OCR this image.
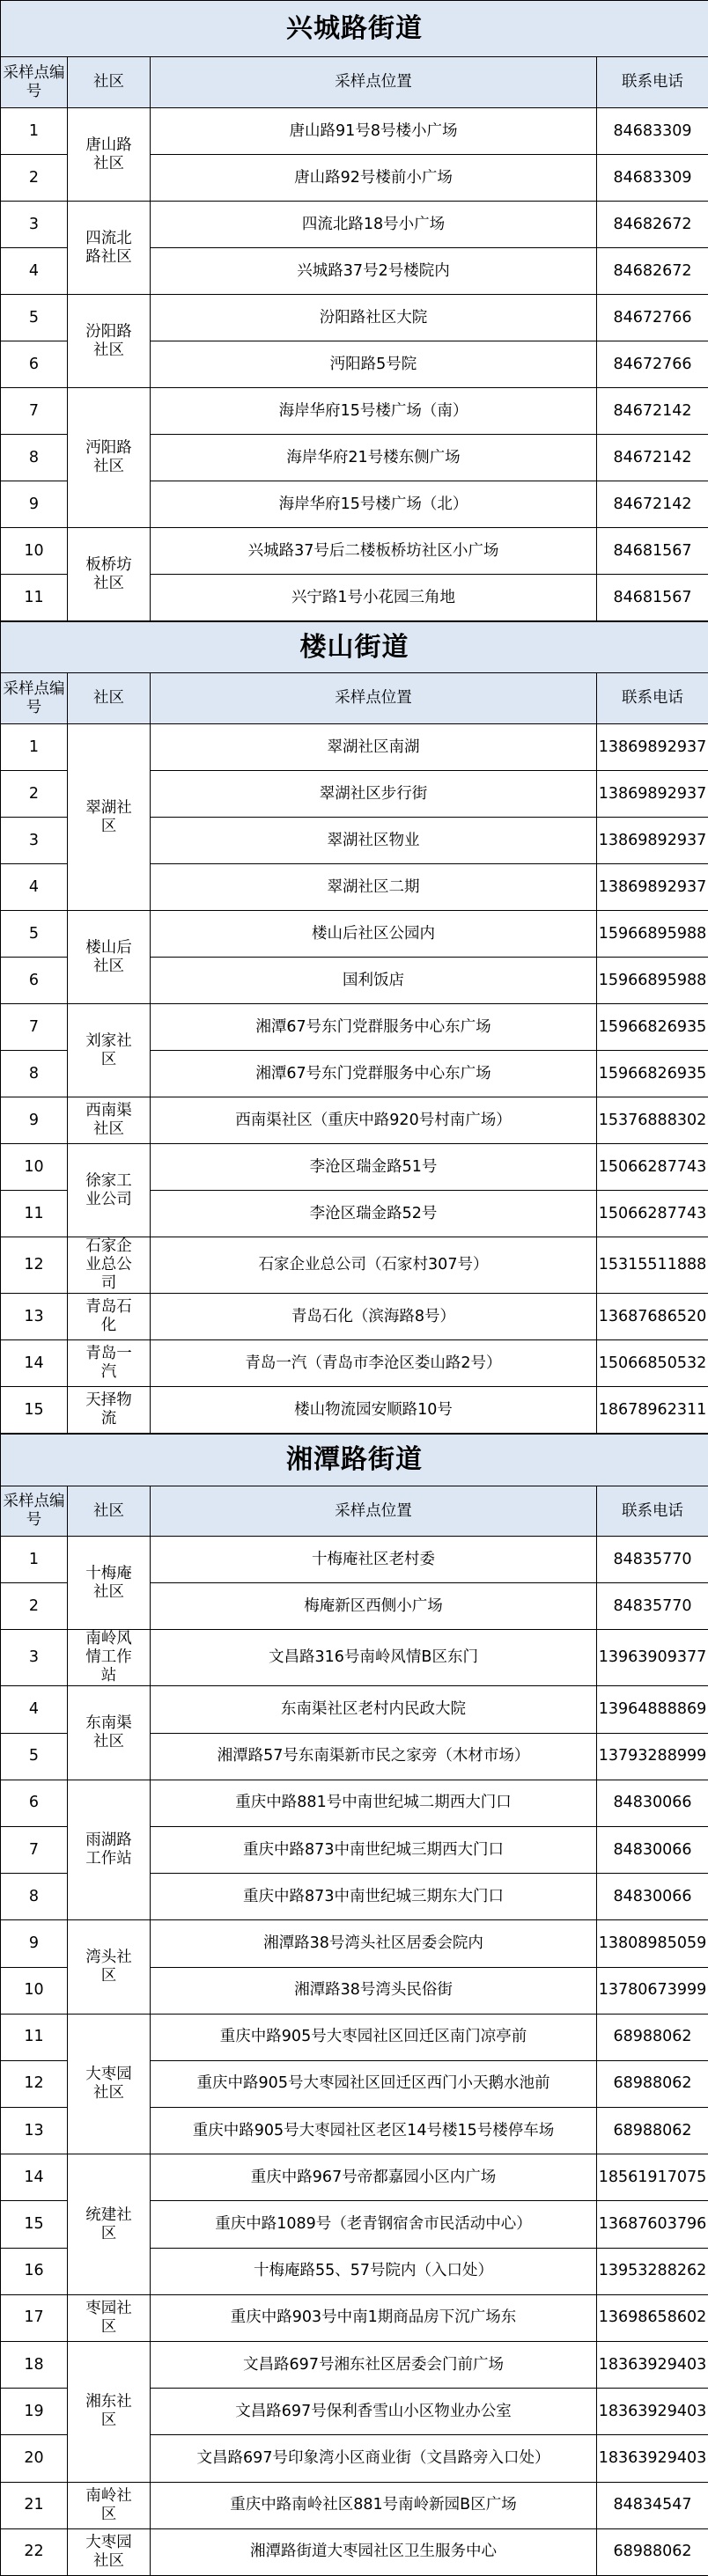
兴城路街道			
采样点编号	社区	采样点位置	联系电话
1	唐山路社区	唐山路91号8号楼小广场	84683309
2		唐山路92号楼前小广场	84683309
3	四流北路社区	四流北路18号小广场	84682672
4		兴城路37号2号楼院内	84682672
5	汾阳路社区	汾阳路社区大院	84672766
6		沔阳路5号院	84672766
7	沔阳路社区	海岸华府15号楼广场（南）	84672142
8		海岸华府21号楼东侧广场	84672142
9		海岸华府15号楼广场（北）	84672142
10	板桥坊社区	兴城路37号后二楼板桥坊社区小广场	84681567
11		兴宁路1号小花园三角地	84681567
楼山街道			
采样点编号	社区	采样点位置	联系电话
1	翠湖社区	翠湖社区南湖	13869892937
2		翠湖社区步行街	13869892937
3		翠湖社区物业	13869892937
4		翠湖社区二期	13869892937
5	楼山后社区	楼山后社区公园内	15966895988
6		国利饭店	15966895988
7	刘家社区	湘潭67号东门党群服务中心东广场	15966826935
8		湘潭67号东门党群服务中心东广场	15966826935
9	西南渠社区	西南渠社区（重庆中路920号村南广场）	15376888302
10	徐家工业公司	李沧区瑞金路51号	15066287743
11		李沧区瑞金路52号	15066287743
12	石家企业总公司	石家企业总公司（石家村307号）	15315511888
13	青岛石化	青岛石化（滨海路8号）	13687686520
14	青岛一汽	青岛一汽（青岛市李沧区娄山路2号）	15066850532
15	天择物流	楼山物流园安顺路10号	18678962311
湘潭路街道			
采样点编号	社区	采样点位置	联系电话
1	十梅庵社区	十梅庵社区老村委	84835770
2		梅庵新区西侧小广场	84835770
3	南岭风情工作站	文昌路316号南岭风情B区东门	13963909377
4	东南渠社区	东南渠社区老村内民政大院	13964888869
5		湘潭路57号东南渠新市民之家旁（木材市场）	13793288999
6	雨湖路工作站	重庆中路881号中南世纪城二期西大门口	84830066
7		重庆中路873中南世纪城三期西大门口	84830066
8		重庆中路873中南世纪城三期东大门口	84830066
9	湾头社区	湘潭路38号湾头社区居委会院内	13808985059
10		湘潭路38号湾头民俗街	13780673999
11	大枣园社区	重庆中路905号大枣园社区回迁区南门凉亭前	68988062
12		重庆中路905号大枣园社区回迁区西门小天鹅水池前	68988062
13		重庆中路905号大枣园社区老区14号楼15号楼停车场	68988062
14	统建社区	重庆中路967号帝都嘉园小区内广场	18561917075
15		重庆中路1089号（老青钢宿舍市民活动中心）	13687603796
16		十梅庵路55、57号院内（入口处）	13953288262
17	枣园社区	重庆中路903号中南1期商品房下沉广场东	13698658602
18	湘东社区	文昌路697号湘东社区居委会门前广场	18363929403
19		文昌路697号保利香雪山小区物业办公室	18363929403
20		文昌路697号印象湾小区商业街（文昌路旁入口处）	18363929403
21	南岭社区	重庆中路南岭社区881号南岭新园B区广场	84834547
22	大枣园社区	湘潭路街道大枣园社区卫生服务中心	68988062
